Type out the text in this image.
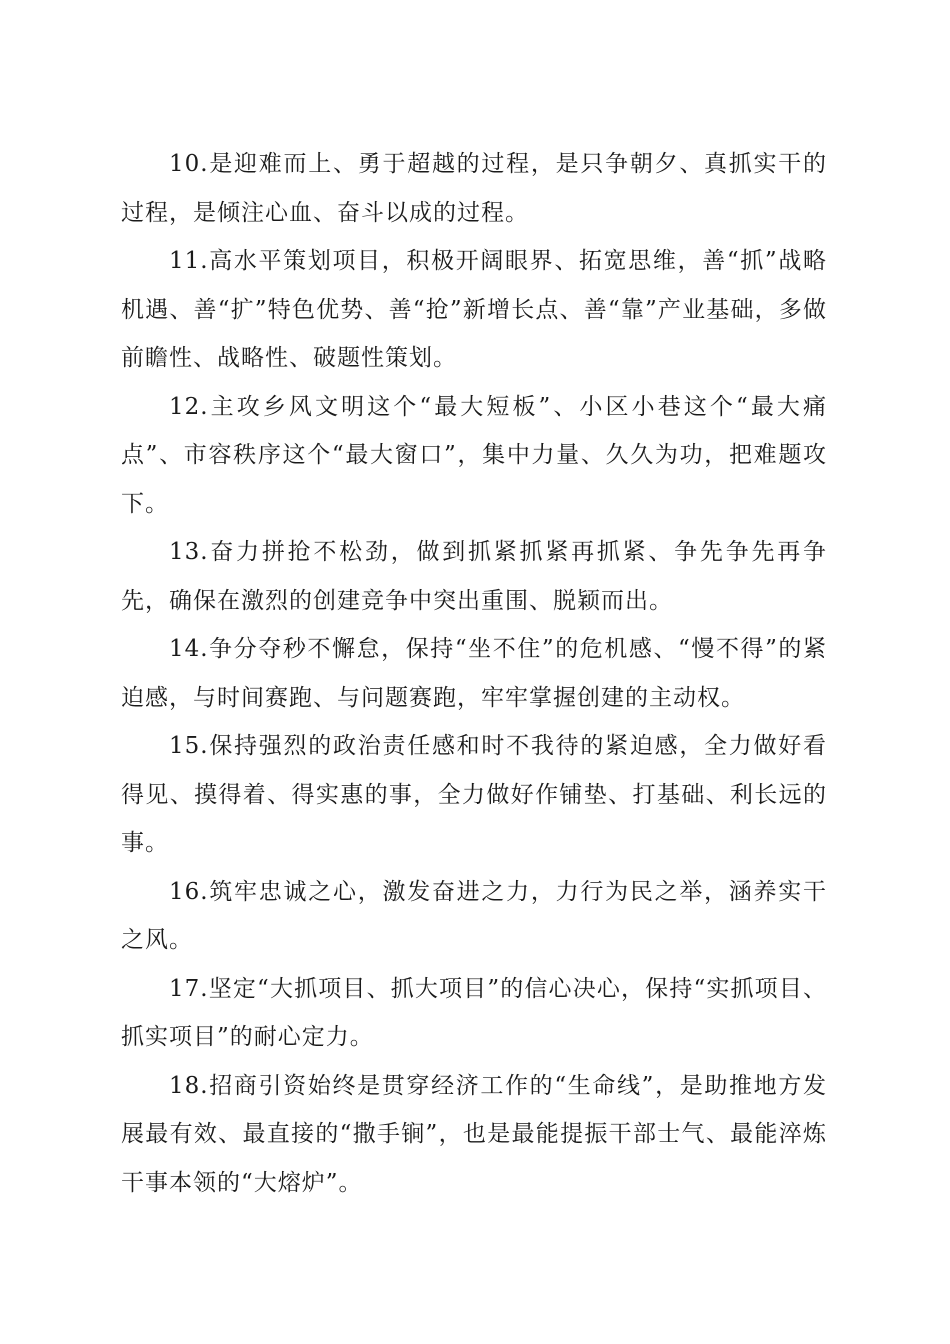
10.是迎难而上、勇于超越的过程，是只争朝夕、真抓实干的过程，是倾注心血、奋斗以成的过程。

11.高水平策划项目，积极开阔眼界、拓宽思维，善“抓”战略机遇、善“扩”特色优势、善“抢”新增长点、善“靠”产业基础，多做前瞻性、战略性、破题性策划。

12.主攻乡风文明这个“最大短板”、小区小巷这个“最大痛点”、市容秩序这个“最大窗口”，集中力量、久久为功，把难题攻下。

13.奋力拼抢不松劲，做到抓紧抓紧再抓紧、争先争先再争先，确保在激烈的创建竞争中突出重围、脱颖而出。

14.争分夺秒不懈怠，保持“坐不住”的危机感、“慢不得”的紧迫感，与时间赛跑、与问题赛跑，牢牢掌握创建的主动权。

15.保持强烈的政治责任感和时不我待的紧迫感，全力做好看得见、摸得着、得实惠的事，全力做好作铺垫、打基础、利长远的事。

16.筑牢忠诚之心，激发奋进之力，力行为民之举，涵养实干之风。

17.坚定“大抓项目、抓大项目”的信心决心，保持“实抓项目、抓实项目”的耐心定力。

18.招商引资始终是贯穿经济工作的“生命线”，是助推地方发展最有效、最直接的“撒手锏”，也是最能提振干部士气、最能淬炼干事本领的“大熔炉”。
